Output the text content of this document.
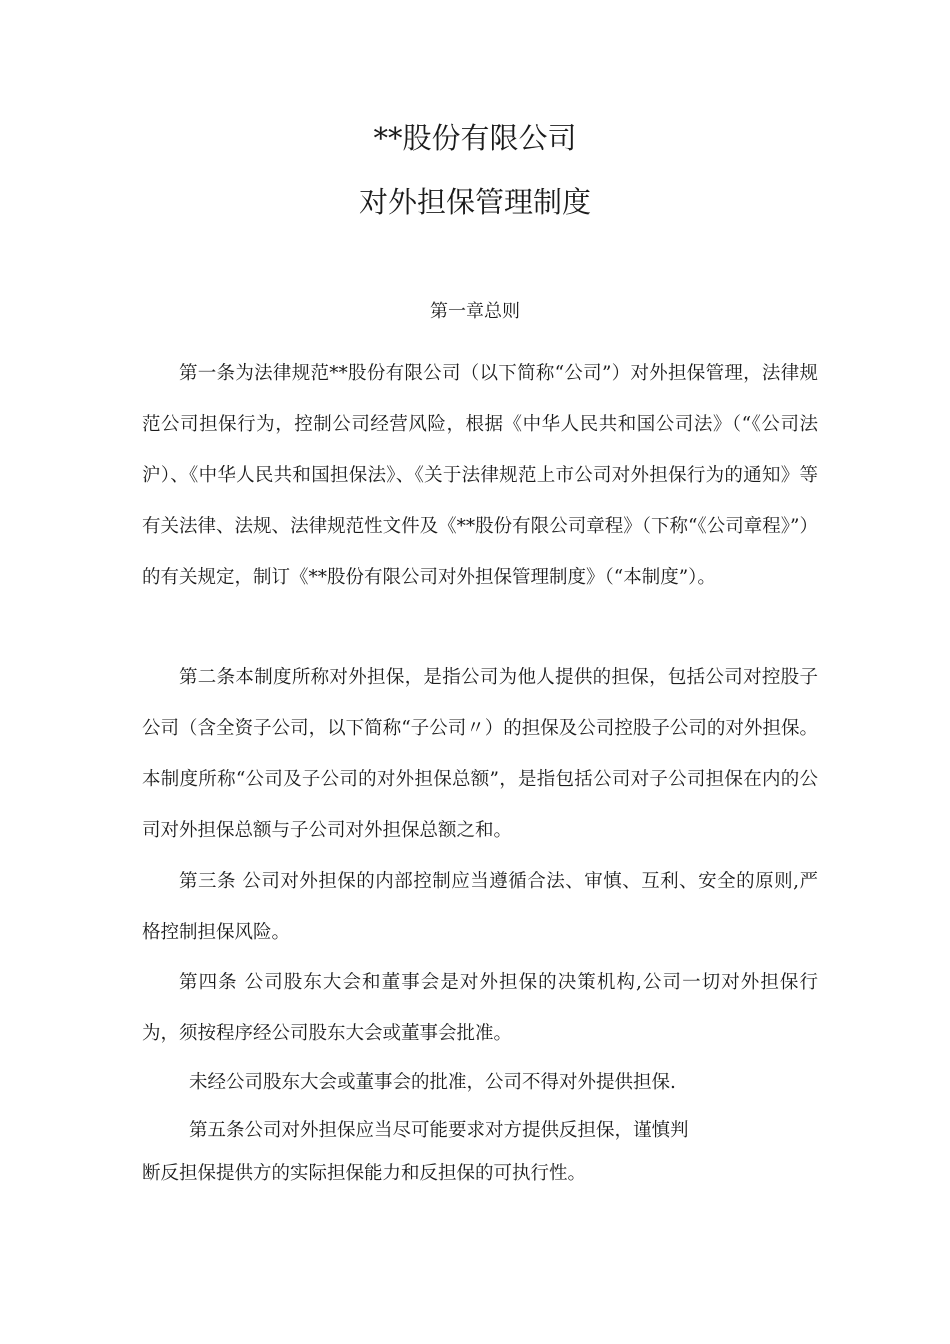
**股份有限公司
对外担保管理制度
第一章总则

第一条为法律规范**股份有限公司（以下简称“公司”）对外担保管理，法律规范公司担保行为，控制公司经营风险，根据《中华人民共和国公司法》（“《公司法沪）、《中华人民共和国担保法》、《关于法律规范上市公司对外担保行为的通知》等有关法律、法规、法律规范性文件及《**股份有限公司章程》（下称“《公司章程》”）的有关规定，制订《**股份有限公司对外担保管理制度》（“本制度”）。

第二条本制度所称对外担保，是指公司为他人提供的担保，包括公司对控股子公司（含全资子公司，以下简称“子公司〃）的担保及公司控股子公司的对外担保。本制度所称“公司及子公司的对外担保总额”，是指包括公司对子公司担保在内的公司对外担保总额与子公司对外担保总额之和。

第三条 公司对外担保的内部控制应当遵循合法、审慎、互利、安全的原则,严格控制担保风险。

第四条 公司股东大会和董事会是对外担保的决策机构,公司一切对外担保行为，须按程序经公司股东大会或董事会批准。

未经公司股东大会或董事会的批准，公司不得对外提供担保.

第五条公司对外担保应当尽可能要求对方提供反担保，谨慎判

断反担保提供方的实际担保能力和反担保的可执行性。
